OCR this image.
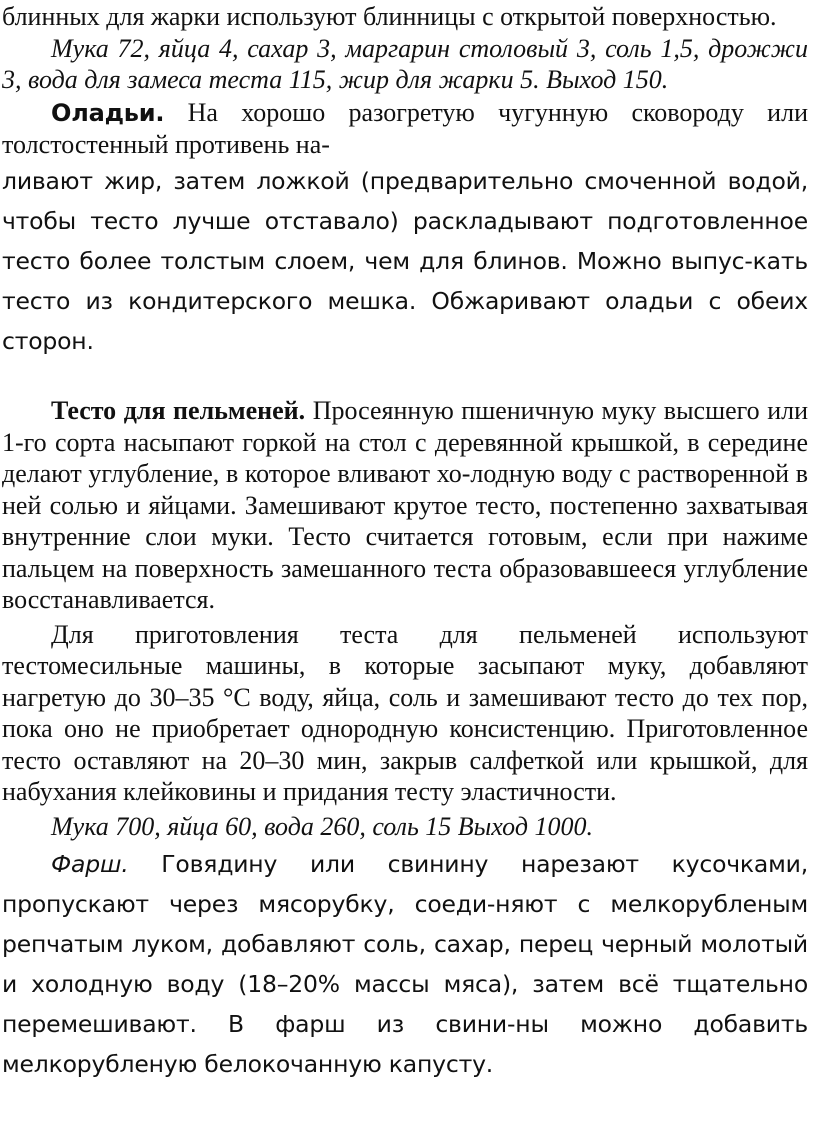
блинных для жарки используют блинницы с открытой поверхностью.

Мука 72, яйца 4, сахар 3, маргарин столовый 3, соль 1,5, дрожжи 3, вода для замеса теста 115, жир для жарки 5. Выход 150.

Оладьи. На хорошо разогретую чугунную сковороду или толстостенный противень на-

ливают жир, затем ложкой (предварительно смоченной водой, чтобы тесто лучше отставало) раскладывают подготовленное тесто более толстым слоем, чем для блинов. Можно выпус-кать тесто из кондитерского мешка. Обжаривают оладьи с обеих сторон.

Тесто для пельменей. Просеянную пшеничную муку высшего или 1-го сорта насыпают горкой на стол с деревянной крышкой, в середине делают углубление, в которое вливают хо-лодную воду с растворенной в ней солью и яйцами. Замешивают крутое тесто, постепенно захватывая внутренние слои муки. Тесто считается готовым, если при нажиме пальцем на поверхность замешанного теста образовавшееся углубление восстанавливается.

Для приготовления теста для пельменей используют тестомесильные машины, в которые засыпают муку, добавляют нагретую до 30–35 °С воду, яйца, соль и замешивают тесто до тех пор, пока оно не приобретает однородную консистенцию. Приготовленное тесто оставляют на 20–30 мин, закрыв салфеткой или крышкой, для набухания клейковины и придания тесту эластичности.

Мука 700, яйца 60, вода 260, соль 15 Выход 1000.

Фарш. Говядину или свинину нарезают кусочками, пропускают через мясорубку, соеди-няют с мелкорубленым репчатым луком, добавляют соль, сахар, перец черный молотый и холодную воду (18–20% массы мяса), затем всё тщательно перемешивают. В фарш из свини-ны можно добавить мелкорубленую белокочанную капусту.
